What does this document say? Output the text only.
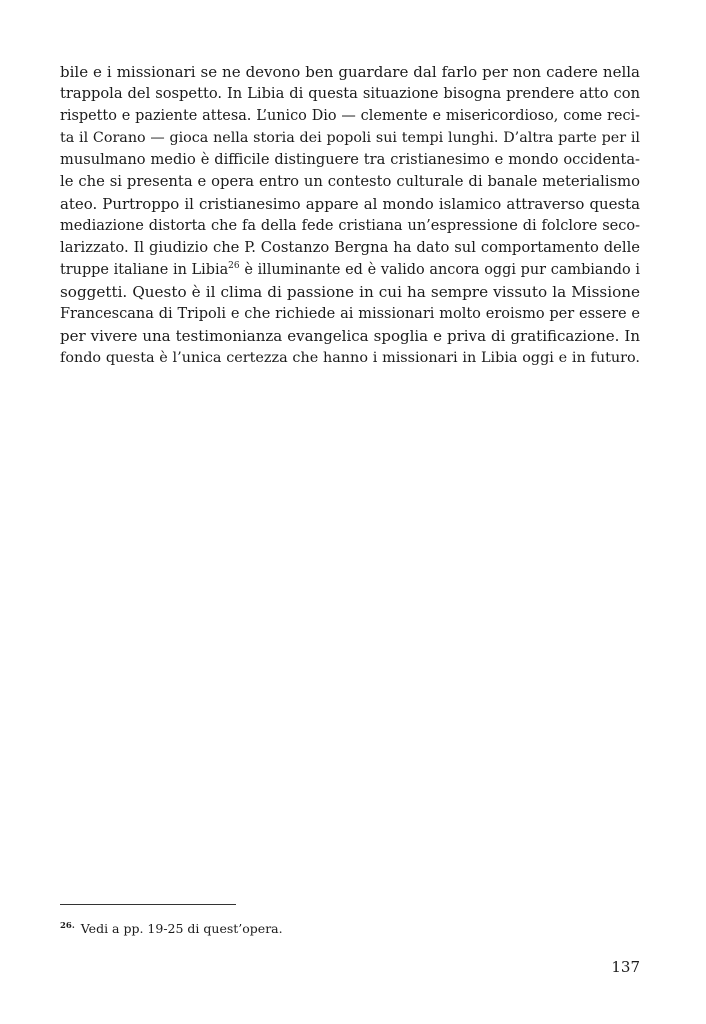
bile e i missionari se ne devono ben guardare dal farlo per non cadere nella
trappola del sospetto. In Libia di questa situazione bisogna prendere atto con
rispetto e paziente attesa. L’unico Dio — clemente e misericordioso, come reci-
ta il Corano — gioca nella storia dei popoli sui tempi lunghi. D’altra parte per il
musulmano medio è difficile distinguere tra cristianesimo e mondo occidenta-
le che si presenta e opera entro un contesto culturale di banale meterialismo
ateo. Purtroppo il cristianesimo appare al mondo islamico attraverso questa
mediazione distorta che fa della fede cristiana un’espressione di folclore seco-
larizzato. Il giudizio che P. Costanzo Bergna ha dato sul comportamento delle
truppe italiane in Libia$^{26}$ è illuminante ed è valido ancora oggi pur cambiando i
soggetti. Questo è il clima di passione in cui ha sempre vissuto la Missione
Francescana di Tripoli e che richiede ai missionari molto eroismo per essere e
per vivere una testimonianza evangelica spoglia e priva di gratificazione. In
fondo questa è l’unica certezza che hanno i missionari in Libia oggi e in futuro.
$^{26.}$ Vedi a pp. 19-25 di quest’opera.
137
